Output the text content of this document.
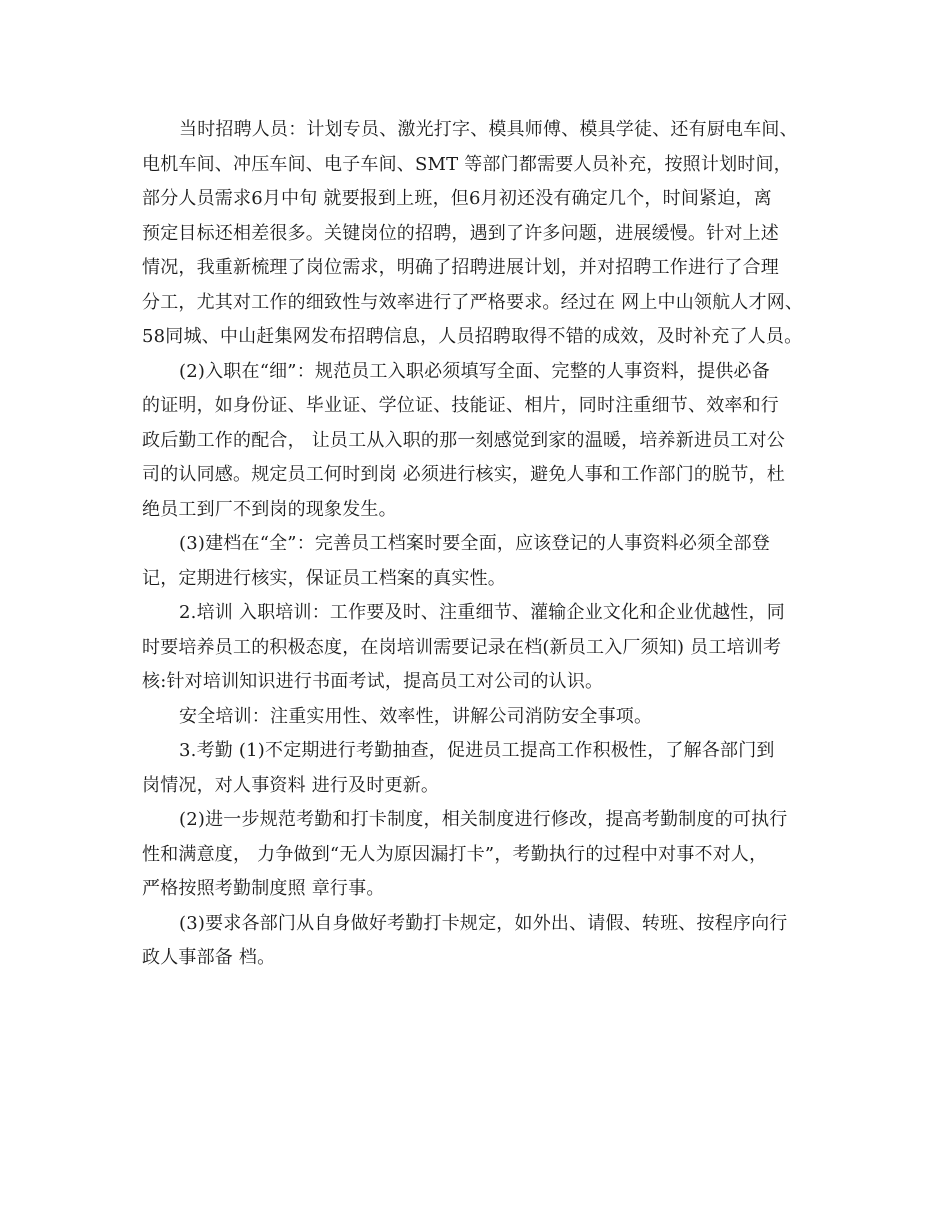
当时招聘人员：计划专员、激光打字、模具师傅、模具学徒、还有厨电车间、
电机车间、冲压车间、电子车间、SMT 等部门都需要人员补充，按照计划时间，
部分人员需求6月中旬 就要报到上班，但6月初还没有确定几个，时间紧迫，离
预定目标还相差很多。关键岗位的招聘，遇到了许多问题，进展缓慢。针对上述
情况，我重新梳理了岗位需求，明确了招聘进展计划，并对招聘工作进行了合理
分工，尤其对工作的细致性与效率进行了严格要求。经过在 网上中山领航人才网、
58同城、中山赶集网发布招聘信息，人员招聘取得不错的成效，及时补充了人员。
(2)入职在“细”：规范员工入职必须填写全面、完整的人事资料，提供必备
的证明，如身份证、毕业证、学位证、技能证、相片，同时注重细节、效率和行
政后勤工作的配合， 让员工从入职的那一刻感觉到家的温暖，培养新进员工对公
司的认同感。规定员工何时到岗 必须进行核实，避免人事和工作部门的脱节，杜
绝员工到厂不到岗的现象发生。
(3)建档在“全”：完善员工档案时要全面，应该登记的人事资料必须全部登
记，定期进行核实，保证员工档案的真实性。
2.培训 入职培训：工作要及时、注重细节、灌输企业文化和企业优越性，同
时要培养员工的积极态度，在岗培训需要记录在档(新员工入厂须知) 员工培训考
核:针对培训知识进行书面考试，提高员工对公司的认识。
安全培训：注重实用性、效率性，讲解公司消防安全事项。
3.考勤 (1)不定期进行考勤抽查，促进员工提高工作积极性，了解各部门到
岗情况，对人事资料 进行及时更新。
(2)进一步规范考勤和打卡制度，相关制度进行修改，提高考勤制度的可执行
性和满意度， 力争做到“无人为原因漏打卡”，考勤执行的过程中对事不对人，
严格按照考勤制度照 章行事。
(3)要求各部门从自身做好考勤打卡规定，如外出、请假、转班、按程序向行
政人事部备 档。
